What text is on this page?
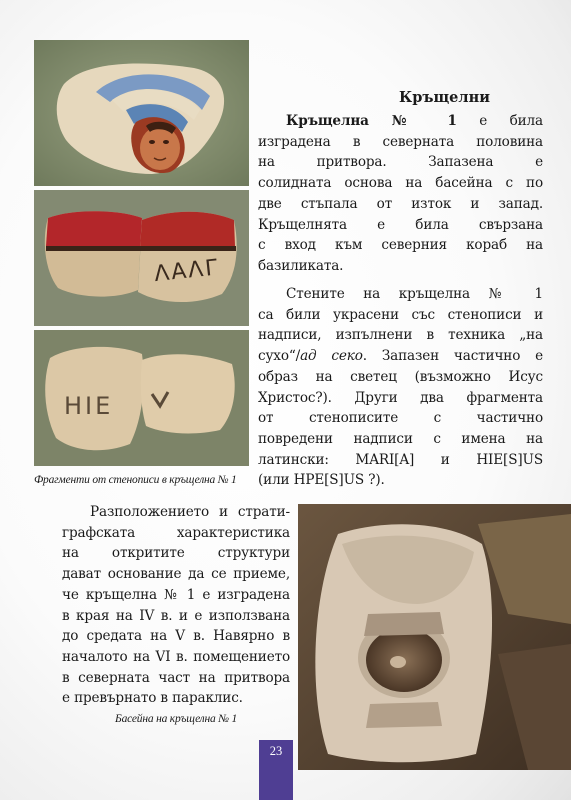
ΛAΛΓ
HIE
Фрагменти от стенописи в кръщелна № 1
Басейна на кръщелна № 1
Кръщелни

Кръщелна № 1 е била

изградена в северната половина

на притвора. Запазена е

солидната основа на басейна с по

две стъпала от изток и запад.

Кръщелнята е била свързана

с вход към северния кораб на

базиликата.

Стените на кръщелна № 1

са били украсени със стенописи и

надписи, изпълнени в техника „на

сухо“/ад секо. Запазен частично е

образ на светец (възможно Исус

Христос?). Други два фрагмента

от стенописите с частично

повредени надписи с имена на

латински: MARI[A] и HIE[S]US

(или HPE[S]US ?).

Разположението и страти-

графската характеристика

на откритите структури

дават основание да се приеме,

че кръщелна № 1 е изградена

в края на IV в. и е използвана

до средата на V в. Навярно в

началото на VI в. помещението

в северната част на притвора

е превърнато в параклис.

23
